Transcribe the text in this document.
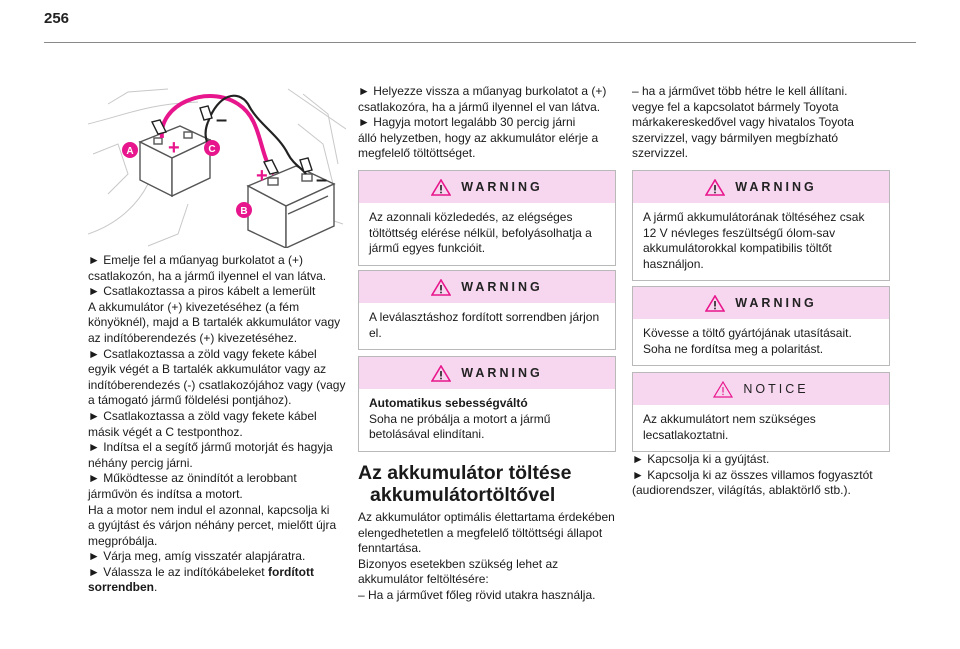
256
+
+
–
–
A	C
B

► Emelje fel a műanyag burkolatot a (+)

csatlakozón, ha a jármű ilyennel el van látva.

► Csatlakoztassa a piros kábelt a lemerült

A akkumulátor (+) kivezetéséhez (a fém

könyöknél), majd a B tartalék akkumulátor vagy

az indítóberendezés (+) kivezetéséhez.

► Csatlakoztassa a zöld vagy fekete kábel

egyik végét a B tartalék akkumulátor vagy az

indítóberendezés (-) csatlakozójához vagy (vagy

a támogató jármű földelési pontjához).

► Csatlakoztassa a zöld vagy fekete kábel

másik végét a C testponthoz.

► Indítsa el a segítő jármű motorját és hagyja

néhány percig járni.

► Működtesse az önindítót a lerobbant

járművön és indítsa a motort.

Ha a motor nem indul el azonnal, kapcsolja ki

a gyújtást és várjon néhány percet, mielőtt újra

megpróbálja.

► Várja meg, amíg visszatér alapjáratra.

► Válassza le az indítókábeleket fordított

sorrendben.

► Helyezze vissza a műanyag burkolatot a (+)

csatlakozóra, ha a jármű ilyennel el van látva.

► Hagyja motort legalább 30 percig járni

álló helyzetben, hogy az akkumulátor elérje a

megfelelő töltöttséget.

WARNING

Az azonnali közlededés, az elégséges

töltöttség elérése nélkül, befolyásolhatja a

jármű egyes funkcióit.

WARNING

A leválasztáshoz fordított sorrendben járjon

el.

WARNING

Automatikus sebességváltó

Soha ne próbálja a motort a jármű

betolásával elindítani.

Az akkumulátor töltése
akkumulátortöltővel

Az akkumulátor optimális élettartama érdekében

elengedhetetlen a megfelelő töltöttségi állapot

fenntartása.

Bizonyos esetekben szükség lehet az

akkumulátor feltöltésére:

– Ha a járművet főleg rövid utakra használja.

– ha a járművet több hétre le kell állítani.

vegye fel a kapcsolatot bármely Toyota

márkakereskedővel vagy hivatalos Toyota

szervizzel, vagy bármilyen megbízható

szervizzel.

WARNING

A jármű akkumulátorának töltéséhez csak

12 V névleges feszültségű ólom-sav

akkumulátorokkal kompatibilis töltőt

használjon.

WARNING

Kövesse a töltő gyártójának utasításait.

Soha ne fordítsa meg a polaritást.

NOTICE

Az akkumulátort nem szükséges

lecsatlakoztatni.

► Kapcsolja ki a gyújtást.

► Kapcsolja ki az összes villamos fogyasztót

(audiorendszer, világítás, ablaktörlő stb.).
